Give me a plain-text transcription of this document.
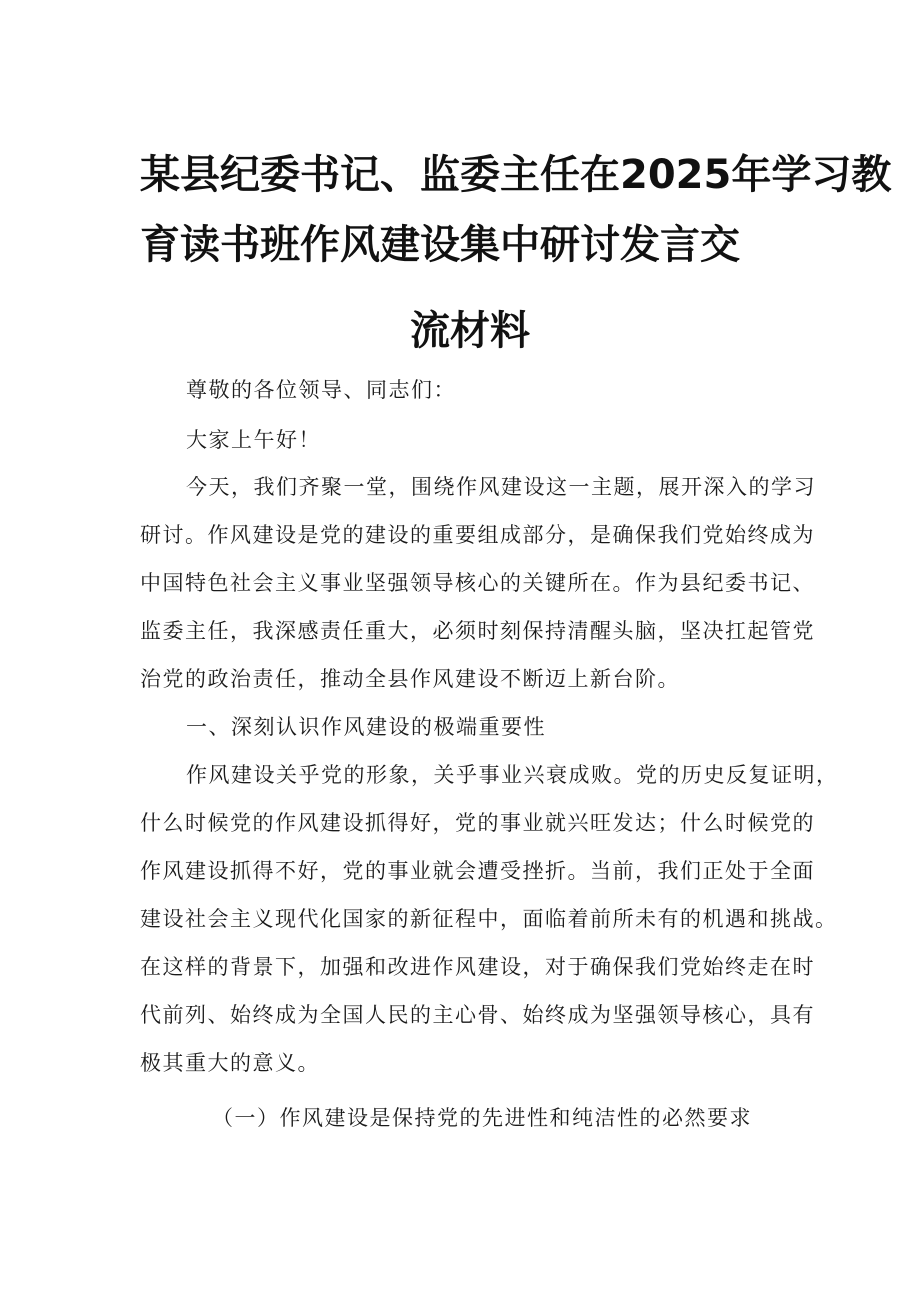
某县纪委书记、监委主任在2025年学习教
育读书班作风建设集中研讨发言交
流材料
尊敬的各位领导、同志们：
大家上午好！
今天，我们齐聚一堂，围绕作风建设这一主题，展开深入的学习
研讨。作风建设是党的建设的重要组成部分，是确保我们党始终成为
中国特色社会主义事业坚强领导核心的关键所在。作为县纪委书记、
监委主任，我深感责任重大，必须时刻保持清醒头脑，坚决扛起管党
治党的政治责任，推动全县作风建设不断迈上新台阶。
一、深刻认识作风建设的极端重要性
作风建设关乎党的形象，关乎事业兴衰成败。党的历史反复证明，
什么时候党的作风建设抓得好，党的事业就兴旺发达；什么时候党的
作风建设抓得不好，党的事业就会遭受挫折。当前，我们正处于全面
建设社会主义现代化国家的新征程中，面临着前所未有的机遇和挑战。
在这样的背景下，加强和改进作风建设，对于确保我们党始终走在时
代前列、始终成为全国人民的主心骨、始终成为坚强领导核心，具有
极其重大的意义。
（一）作风建设是保持党的先进性和纯洁性的必然要求
